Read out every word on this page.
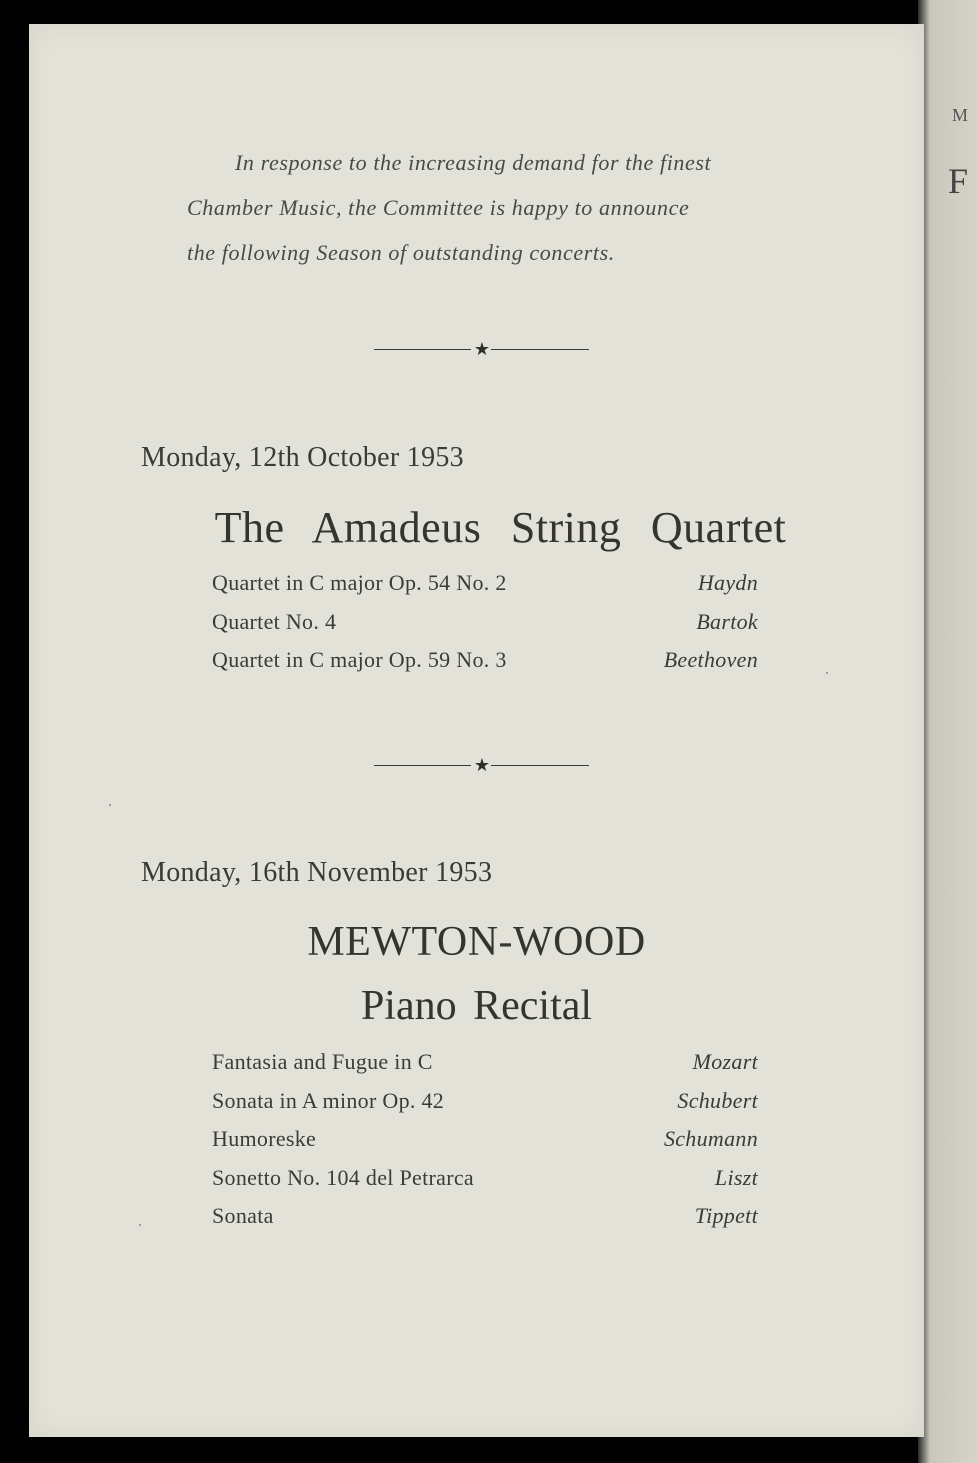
M
F
In response to the increasing demand for the finest
Chamber Music, the Committee is happy to announce
the following Season of outstanding concerts.
★
Monday, 12th October 1953
The Amadeus String Quartet
Quartet in C major Op. 54 No. 2	Haydn
Quartet No. 4	Bartok
Quartet in C major Op. 59 No. 3	Beethoven
★
Monday, 16th November 1953
MEWTON-WOOD
Piano Recital
Fantasia and Fugue in C	Mozart
Sonata in A minor Op. 42	Schubert
Humoreske	Schumann
Sonetto No. 104 del Petrarca	Liszt
Sonata	Tippett
